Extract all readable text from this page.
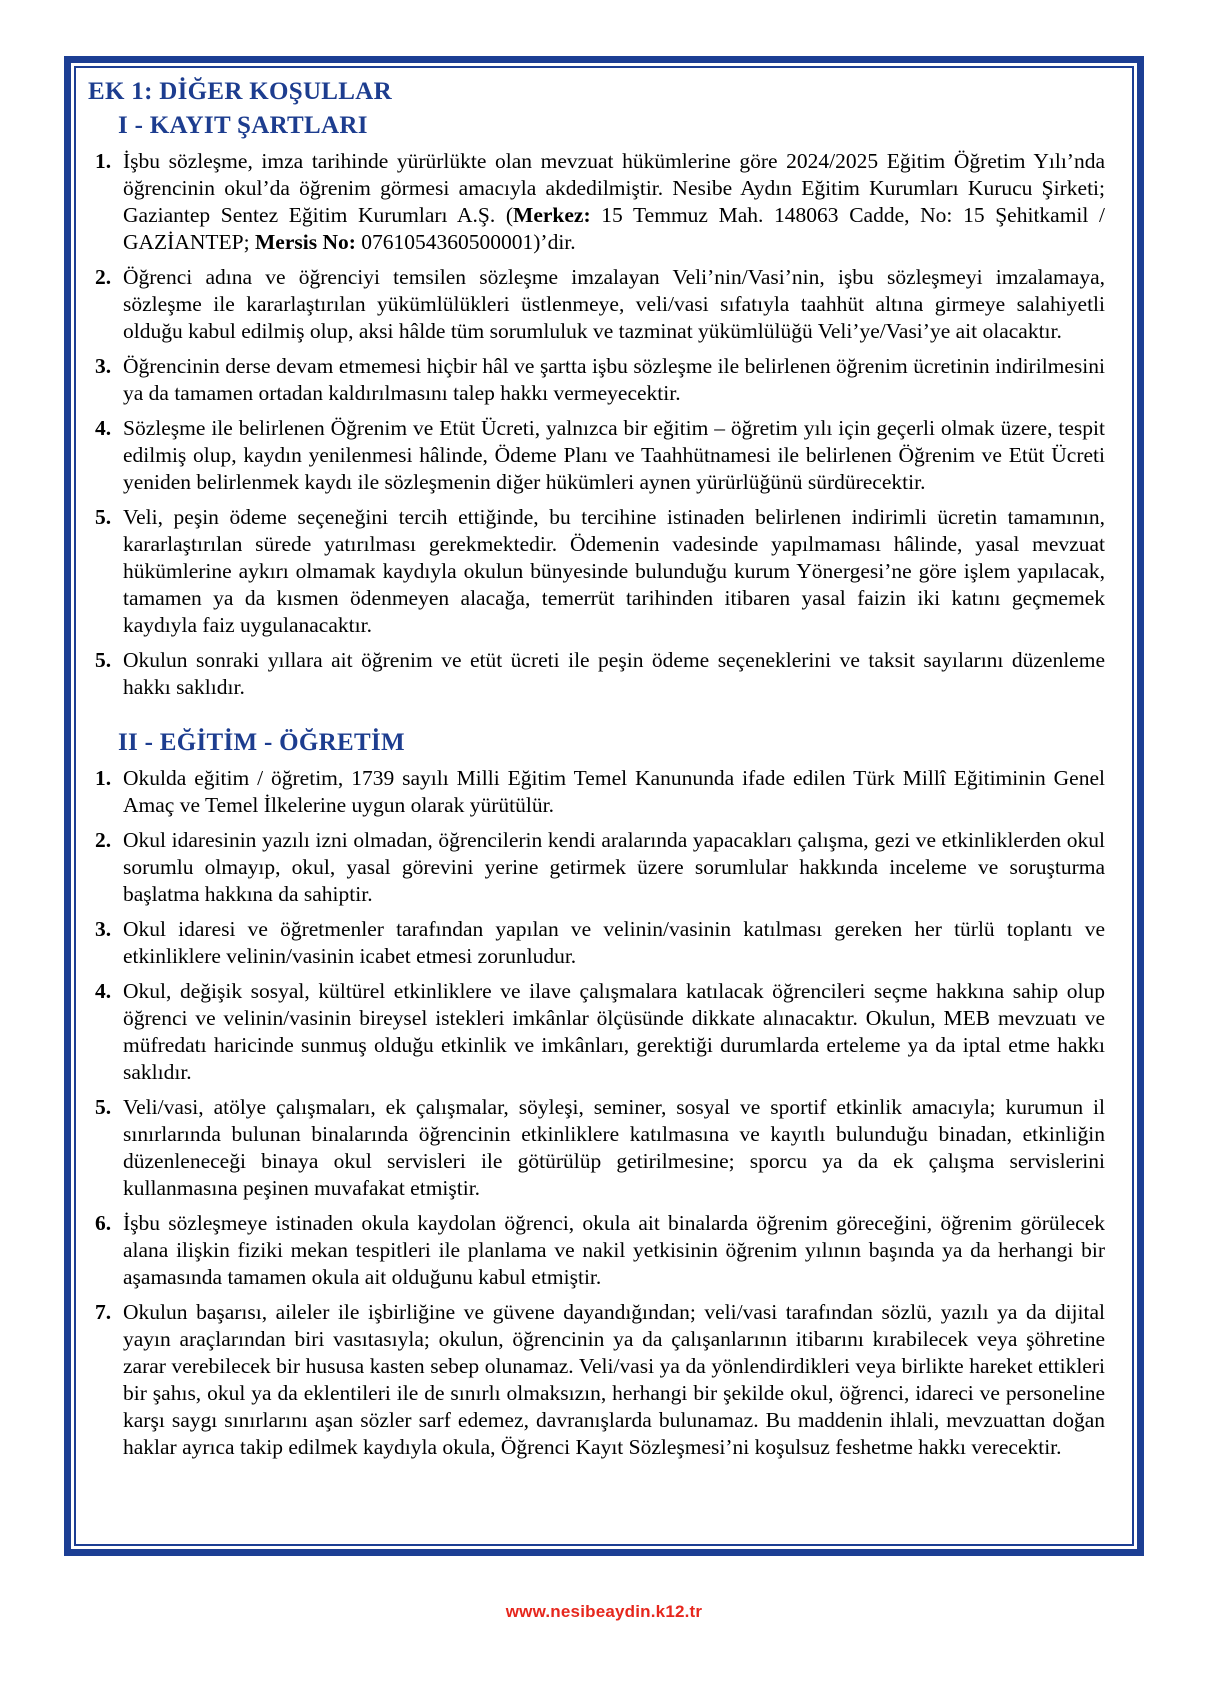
EK 1: DİĞER KOŞULLAR
I - KAYIT ŞARTLARI
1. İşbu sözleşme, imza tarihinde yürürlükte olan mevzuat hükümlerine göre 2024/2025 Eğitim Öğretim Yılı’nda öğrencinin okul’da öğrenim görmesi amacıyla akdedilmiştir. Nesibe Aydın Eğitim Kurumları Kurucu Şirketi; Gaziantep Sentez Eğitim Kurumları A.Ş. (Merkez: 15 Temmuz Mah. 148063 Cadde, No: 15 Şehitkamil / GAZİANTEP; Mersis No: 0761054360500001)’dir.
2. Öğrenci adına ve öğrenciyi temsilen sözleşme imzalayan Veli’nin/Vasi’nin, işbu sözleşmeyi imzalamaya, sözleşme ile kararlaştırılan yükümlülükleri üstlenmeye, veli/vasi sıfatıyla taahhüt altına girmeye salahiyetli olduğu kabul edilmiş olup, aksi hâlde tüm sorumluluk ve tazminat yükümlülüğü Veli’ye/Vasi’ye ait olacaktır.
3. Öğrencinin derse devam etmemesi hiçbir hâl ve şartta işbu sözleşme ile belirlenen öğrenim ücretinin indirilmesini ya da tamamen ortadan kaldırılmasını talep hakkı vermeyecektir.
4. Sözleşme ile belirlenen Öğrenim ve Etüt Ücreti, yalnızca bir eğitim – öğretim yılı için geçerli olmak üzere, tespit edilmiş olup, kaydın yenilenmesi hâlinde, Ödeme Planı ve Taahhütnamesi ile belirlenen Öğrenim ve Etüt Ücreti yeniden belirlenmek kaydı ile sözleşmenin diğer hükümleri aynen yürürlüğünü sürdürecektir.
5. Veli, peşin ödeme seçeneğini tercih ettiğinde, bu tercihine istinaden belirlenen indirimli ücretin tamamının, kararlaştırılan sürede yatırılması gerekmektedir. Ödemenin vadesinde yapılmaması hâlinde, yasal mevzuat hükümlerine aykırı olmamak kaydıyla okulun bünyesinde bulunduğu kurum Yönergesi’ne göre işlem yapılacak, tamamen ya da kısmen ödenmeyen alacağa, temerrüt tarihinden itibaren yasal faizin iki katını geçmemek kaydıyla faiz uygulanacaktır.
5. Okulun sonraki yıllara ait öğrenim ve etüt ücreti ile peşin ödeme seçeneklerini ve taksit sayılarını düzenleme hakkı saklıdır.
II - EĞİTİM - ÖĞRETİM
1. Okulda eğitim / öğretim, 1739 sayılı Milli Eğitim Temel Kanununda ifade edilen Türk Millî Eğitiminin Genel Amaç ve Temel İlkelerine uygun olarak yürütülür.
2. Okul idaresinin yazılı izni olmadan, öğrencilerin kendi aralarında yapacakları çalışma, gezi ve etkinliklerden okul sorumlu olmayıp, okul, yasal görevini yerine getirmek üzere sorumlular hakkında inceleme ve soruşturma başlatma hakkına da sahiptir.
3. Okul idaresi ve öğretmenler tarafından yapılan ve velinin/vasinin katılması gereken her türlü toplantı ve etkinliklere velinin/vasinin icabet etmesi zorunludur.
4. Okul, değişik sosyal, kültürel etkinliklere ve ilave çalışmalara katılacak öğrencileri seçme hakkına sahip olup öğrenci ve velinin/vasinin bireysel istekleri imkânlar ölçüsünde dikkate alınacaktır. Okulun, MEB mevzuatı ve müfredatı haricinde sunmuş olduğu etkinlik ve imkânları, gerektiği durumlarda erteleme ya da iptal etme hakkı saklıdır.
5. Veli/vasi, atölye çalışmaları, ek çalışmalar, söyleşi, seminer, sosyal ve sportif etkinlik amacıyla; kurumun il sınırlarında bulunan binalarında öğrencinin etkinliklere katılmasına ve kayıtlı bulunduğu binadan, etkinliğin düzenleneceği binaya okul servisleri ile götürülüp getirilmesine; sporcu ya da ek çalışma servislerini kullanmasına peşinen muvafakat etmiştir.
6. İşbu sözleşmeye istinaden okula kaydolan öğrenci, okula ait binalarda öğrenim göreceğini, öğrenim görülecek alana ilişkin fiziki mekan tespitleri ile planlama ve nakil yetkisinin öğrenim yılının başında ya da herhangi bir aşamasında tamamen okula ait olduğunu kabul etmiştir.
7. Okulun başarısı, aileler ile işbirliğine ve güvene dayandığından; veli/vasi tarafından sözlü, yazılı ya da dijital yayın araçlarından biri vasıtasıyla; okulun, öğrencinin ya da çalışanlarının itibarını kırabilecek veya şöhretine zarar verebilecek bir hususa kasten sebep olunamaz. Veli/vasi ya da yönlendirdikleri veya birlikte hareket ettikleri bir şahıs, okul ya da eklentileri ile de sınırlı olmaksızın, herhangi bir şekilde okul, öğrenci, idareci ve personeline karşı saygı sınırlarını aşan sözler sarf edemez, davranışlarda bulunamaz. Bu maddenin ihlali, mevzuattan doğan haklar ayrıca takip edilmek kaydıyla okula, Öğrenci Kayıt Sözleşmesi’ni koşulsuz feshetme hakkı verecektir.
www.nesibeaydin.k12.tr
